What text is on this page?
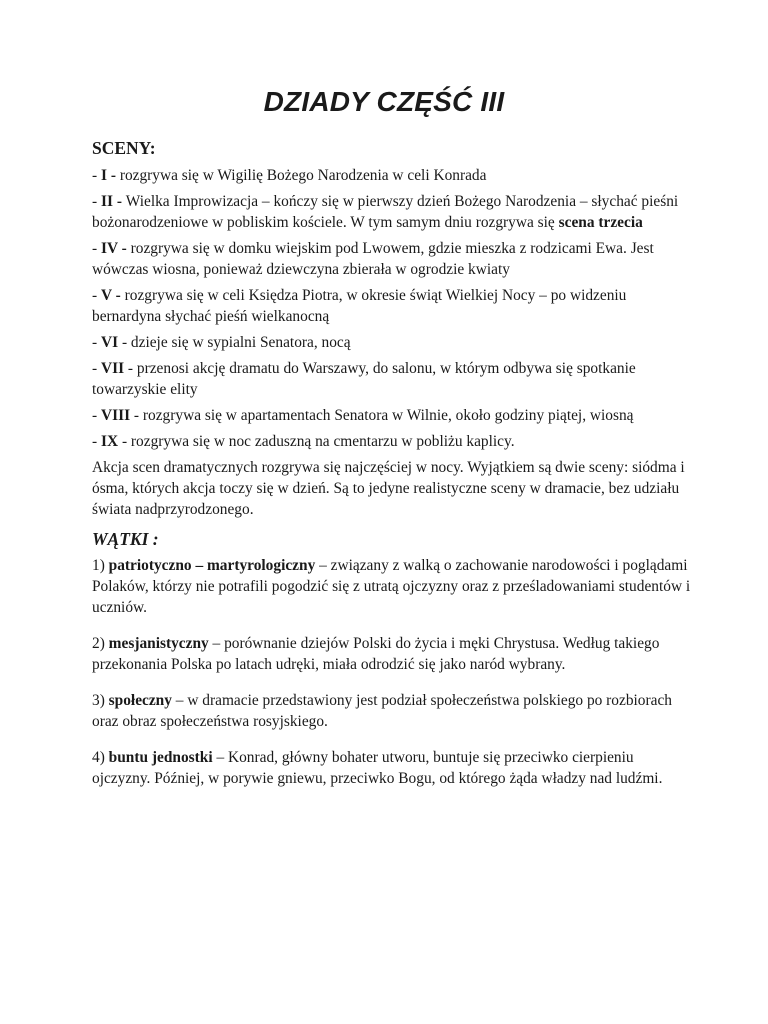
DZIADY CZĘŚĆ III
SCENY:

- I - rozgrywa się w Wigilię Bożego Narodzenia w celi Konrada

- II - Wielka Improwizacja – kończy się w pierwszy dzień Bożego Narodzenia – słychać pieśni bożonarodzeniowe w pobliskim kościele. W tym samym dniu rozgrywa się scena trzecia

- IV - rozgrywa się w domku wiejskim pod Lwowem, gdzie mieszka z rodzicami Ewa. Jest wówczas wiosna, ponieważ dziewczyna zbierała w ogrodzie kwiaty

- V - rozgrywa się w celi Księdza Piotra, w okresie świąt Wielkiej Nocy – po widzeniu bernardyna słychać pieśń wielkanocną

- VI - dzieje się w sypialni Senatora, nocą

- VII - przenosi akcję dramatu do Warszawy, do salonu, w którym odbywa się spotkanie towarzyskie elity

- VIII - rozgrywa się w apartamentach Senatora w Wilnie, około godziny piątej, wiosną

- IX - rozgrywa się w noc zaduszną na cmentarzu w pobliżu kaplicy.

Akcja scen dramatycznych rozgrywa się najczęściej w nocy. Wyjątkiem są dwie sceny: siódma i ósma, których akcja toczy się w dzień. Są to jedyne realistyczne sceny w dramacie, bez udziału świata nadprzyrodzonego.

WĄTKI :

1) patriotyczno – martyrologiczny – związany z walką o zachowanie narodowości i poglądami Polaków, którzy nie potrafili pogodzić się z utratą ojczyzny oraz z prześladowaniami studentów i uczniów.

2) mesjanistyczny – porównanie dziejów Polski do życia i męki Chrystusa. Według takiego przekonania Polska po latach udręki, miała odrodzić się jako naród wybrany.

3) społeczny – w dramacie przedstawiony jest podział społeczeństwa polskiego po rozbiorach oraz obraz społeczeństwa rosyjskiego.

4) buntu jednostki – Konrad, główny bohater utworu, buntuje się przeciwko cierpieniu ojczyzny. Później, w porywie gniewu, przeciwko Bogu, od którego żąda władzy nad ludźmi.
